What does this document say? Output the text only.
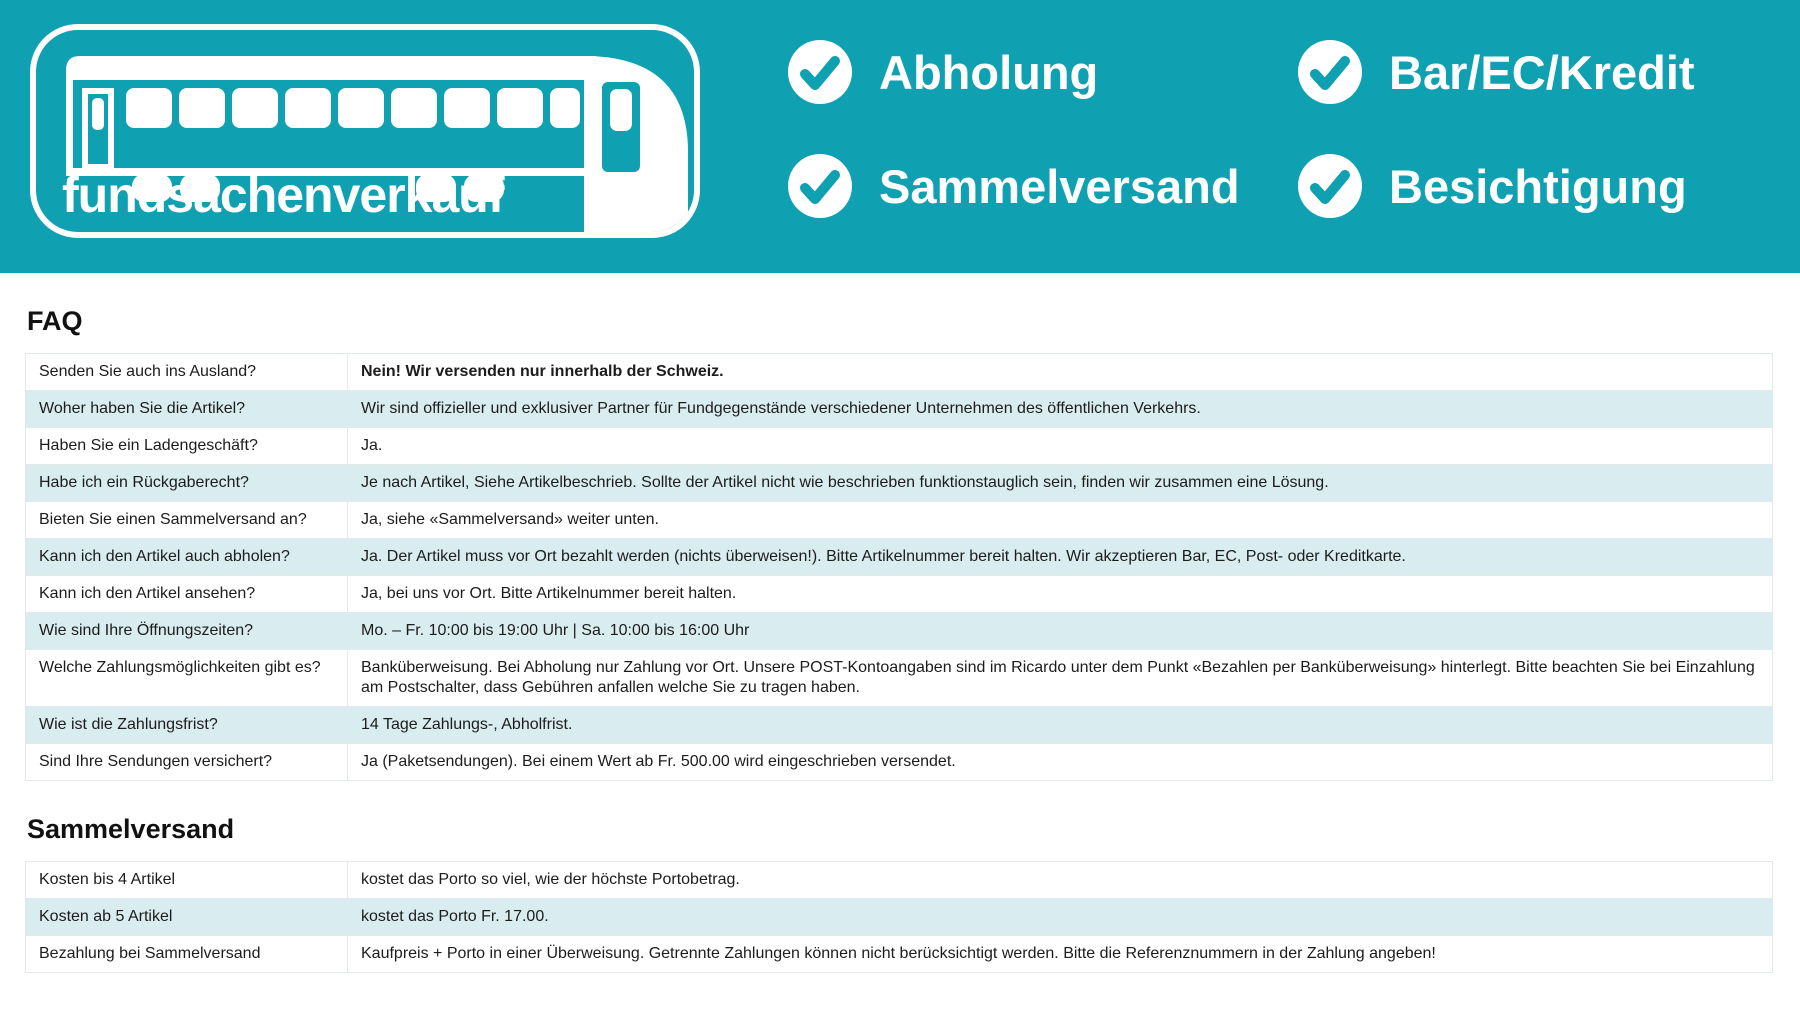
fundsachenverkauf
Abholung	Bar/EC/Kredit
Sammelversand	Besichtigung
FAQ
Senden Sie auch ins Ausland?	Nein! Wir versenden nur innerhalb der Schweiz.
Woher haben Sie die Artikel?	Wir sind offizieller und exklusiver Partner für Fundgegenstände verschiedener Unternehmen des öffentlichen Verkehrs.
Haben Sie ein Ladengeschäft?	Ja.
Habe ich ein Rückgaberecht?	Je nach Artikel, Siehe Artikelbeschrieb. Sollte der Artikel nicht wie beschrieben funktionstauglich sein, finden wir zusammen eine Lösung.
Bieten Sie einen Sammelversand an?	Ja, siehe «Sammelversand» weiter unten.
Kann ich den Artikel auch abholen?	Ja. Der Artikel muss vor Ort bezahlt werden (nichts überweisen!). Bitte Artikelnummer bereit halten. Wir akzeptieren Bar, EC, Post- oder Kreditkarte.
Kann ich den Artikel ansehen?	Ja, bei uns vor Ort. Bitte Artikelnummer bereit halten.
Wie sind Ihre Öffnungszeiten?	Mo. – Fr. 10:00 bis 19:00 Uhr | Sa. 10:00 bis 16:00 Uhr
Welche Zahlungsmöglichkeiten gibt es?	Banküberweisung. Bei Abholung nur Zahlung vor Ort. Unsere POST-Kontoangaben sind im Ricardo unter dem Punkt «Bezahlen per Banküberweisung» hinterlegt. Bitte beachten Sie bei Einzahlung am Postschalter, dass Gebühren anfallen welche Sie zu tragen haben.
Wie ist die Zahlungsfrist?	14 Tage Zahlungs-, Abholfrist.
Sind Ihre Sendungen versichert?	Ja (Paketsendungen). Bei einem Wert ab Fr. 500.00 wird eingeschrieben versendet.
Sammelversand
Kosten bis 4 Artikel	kostet das Porto so viel, wie der höchste Portobetrag.
Kosten ab 5 Artikel	kostet das Porto Fr. 17.00.
Bezahlung bei Sammelversand	Kaufpreis + Porto in einer Überweisung. Getrennte Zahlungen können nicht berücksichtigt werden. Bitte die Referenznummern in der Zahlung angeben!
